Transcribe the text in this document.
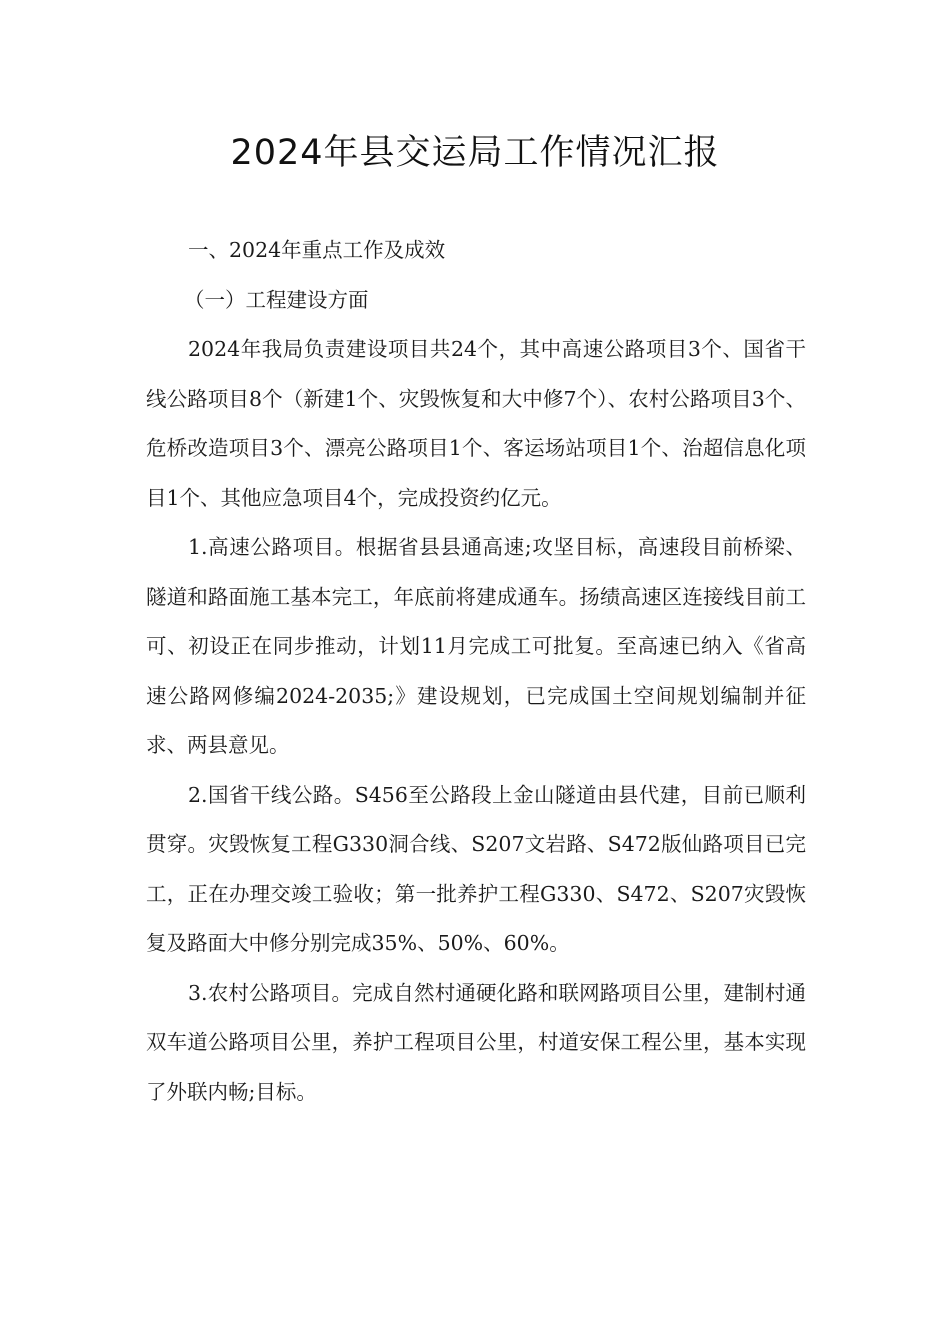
2024年县交运局工作情况汇报

一、2024年重点工作及成效

（一）工程建设方面

2024年我局负责建设项目共24个，其中高速公路项目3个、国省干线公路项目8个（新建1个、灾毁恢复和大中修7个）、农村公路项目3个、危桥改造项目3个、漂亮公路项目1个、客运场站项目1个、治超信息化项目1个、其他应急项目4个，完成投资约亿元。

1.高速公路项目。根据省县县通高速;攻坚目标，高速段目前桥梁、隧道和路面施工基本完工，年底前将建成通车。扬绩高速区连接线目前工可、初设正在同步推动，计划11月完成工可批复。至高速已纳入《省高速公路网修编2024-2035;》建设规划，已完成国土空间规划编制并征求、两县意见。

2.国省干线公路。S456至公路段上金山隧道由县代建，目前已顺利贯穿。灾毁恢复工程G330洞合线、S207文岩路、S472版仙路项目已完工，正在办理交竣工验收；第一批养护工程G330、S472、S207灾毁恢复及路面大中修分别完成35%、50%、60%。

3.农村公路项目。完成自然村通硬化路和联网路项目公里，建制村通双车道公路项目公里，养护工程项目公里，村道安保工程公里，基本实现了外联内畅;目标。
